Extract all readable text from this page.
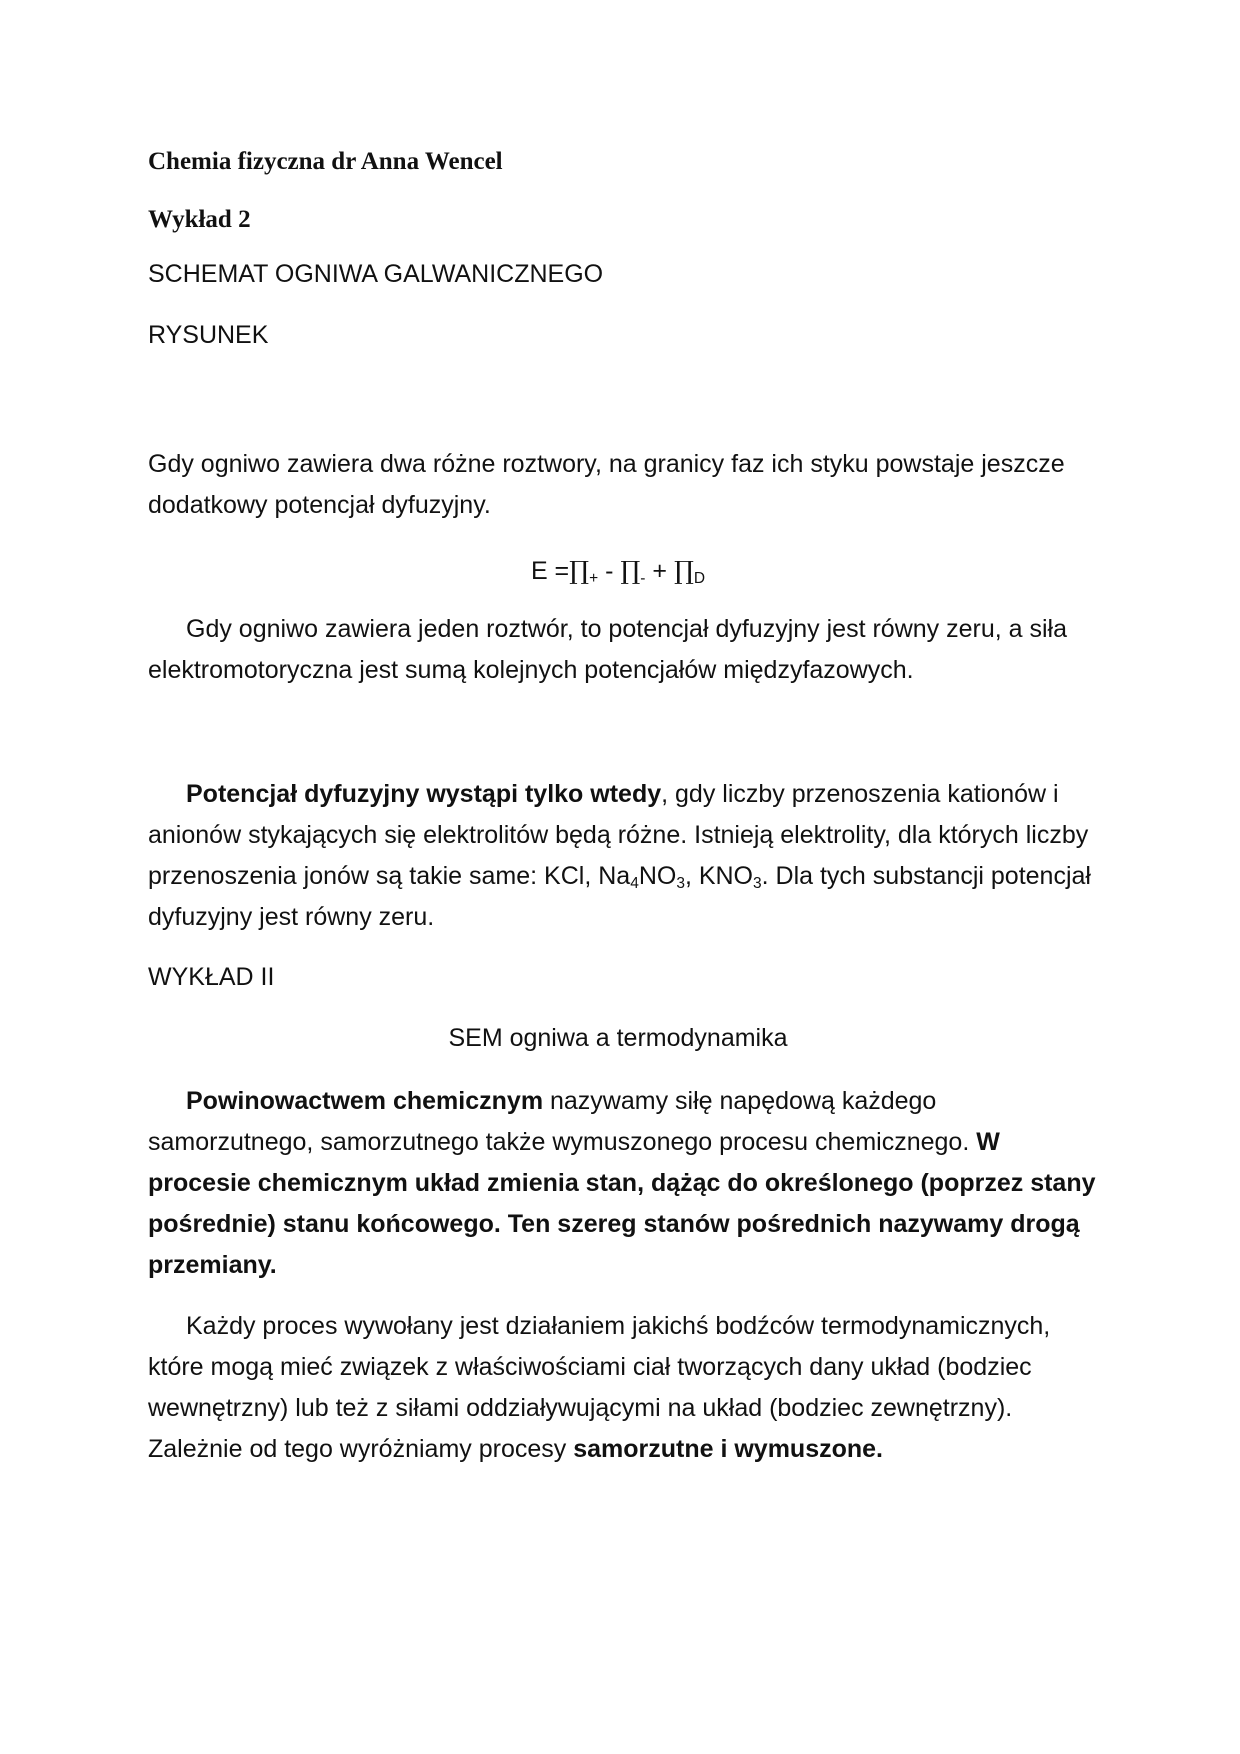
Chemia fizyczna dr Anna Wencel

Wykład 2

SCHEMAT OGNIWA GALWANICZNEGO

RYSUNEK

Gdy ogniwo zawiera dwa różne roztwory, na granicy faz ich styku powstaje jeszcze dodatkowy potencjał dyfuzyjny.

$E =\prod_+$ - $\prod_-$ + $\prod_D$

Gdy ogniwo zawiera jeden roztwór, to potencjał dyfuzyjny jest równy zeru, a siła elektromotoryczna jest sumą kolejnych potencjałów międzyfazowych.

Potencjał dyfuzyjny wystąpi tylko wtedy, gdy liczby przenoszenia kationów i anionów stykających się elektrolitów będą różne. Istnieją elektrolity, dla których liczby przenoszenia jonów są takie same: KCl, $Na_4NO_3$, $KNO_3$. Dla tych substancji potencjał dyfuzyjny jest równy zeru.

WYKŁAD II

SEM ogniwa a termodynamika

Powinowactwem chemicznym nazywamy siłę napędową każdego samorzutnego, samorzutnego także wymuszonego procesu chemicznego. W procesie chemicznym układ zmienia stan, dążąc do określonego (poprzez stany pośrednie) stanu końcowego. Ten szereg stanów pośrednich nazywamy drogą przemiany.

Każdy proces wywołany jest działaniem jakichś bodźców termodynamicznych, które mogą mieć związek z właściwościami ciał tworzących dany układ (bodziec wewnętrzny) lub też z siłami oddziaływującymi na układ (bodziec zewnętrzny). Zależnie od tego wyróżniamy procesy samorzutne i wymuszone.
